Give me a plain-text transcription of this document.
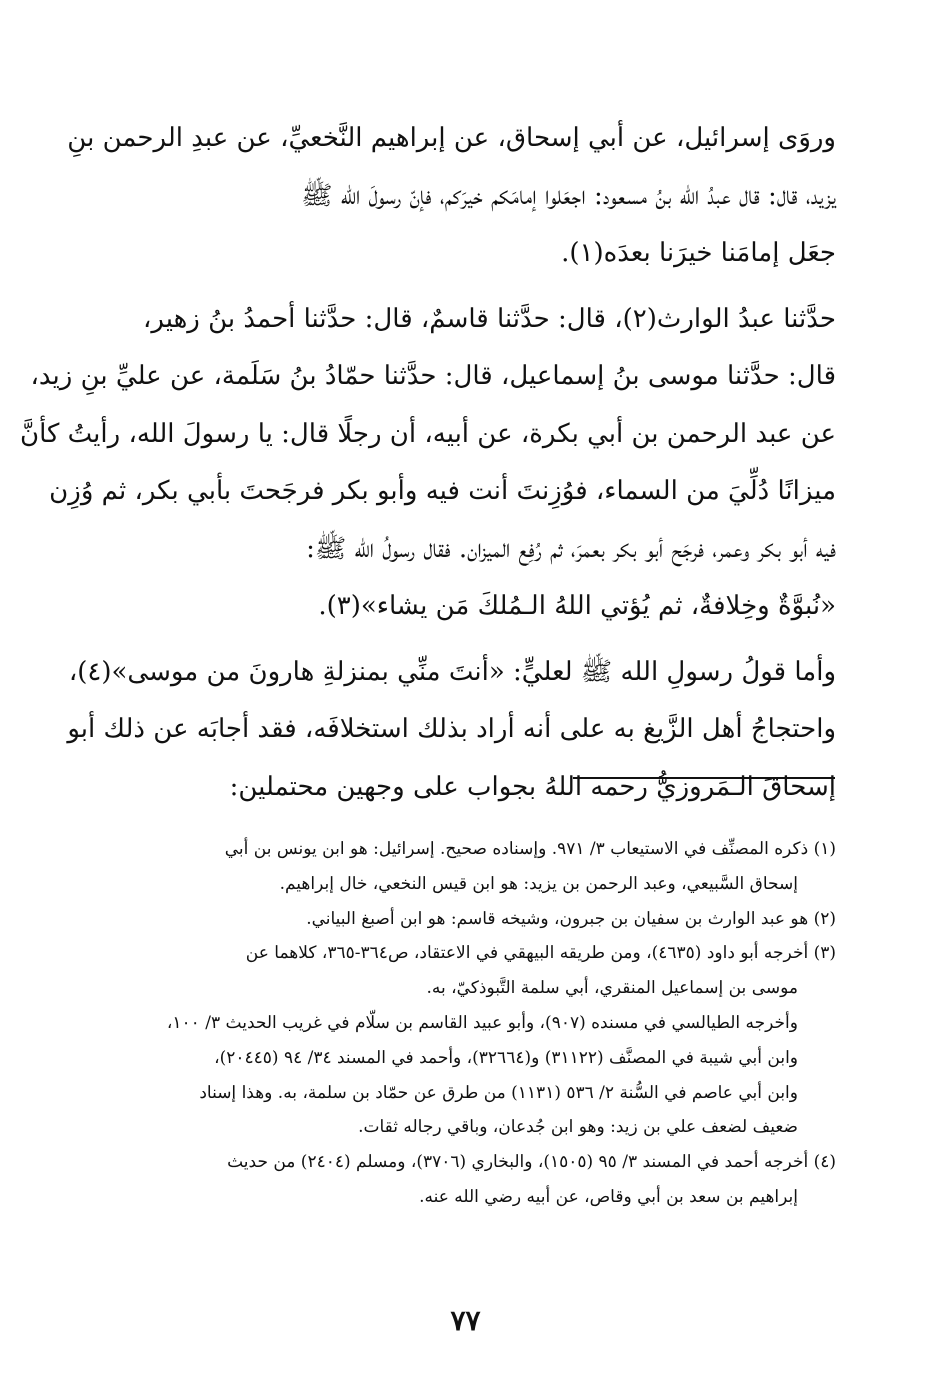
وروَى إسرائيل، عن أبي إسحاق، عن إبراهيم النَّخعيِّ، عن عبدِ الرحمن بنِ
يزيد، قال: قال عبدُ الله بنُ مسعود: اجعَلوا إمامَكم خيرَكم، فإنّ رسولَ الله ﷺ
جعَل إمامَنا خيرَنا بعدَه(١).

حدَّثنا عبدُ الوارث(٢)، قال: حدَّثنا قاسمٌ، قال: حدَّثنا أحمدُ بنُ زهير،
قال: حدَّثنا موسى بنُ إسماعيل، قال: حدَّثنا حمّادُ بنُ سَلَمة، عن عليِّ بنِ زيد،
عن عبد الرحمن بن أبي بكرة، عن أبيه، أن رجلًا قال: يا رسولَ الله، رأيتُ كأنَّ
ميزانًا دُلِّيَ من السماء، فوُزِنتَ أنت فيه وأبو بكر فرجَحتَ بأبي بكر، ثم وُزِن
فيه أبو بكر وعمر، فرجَح أبو بكر بعمرَ، ثم رُفِع الميزان. فقال رسولُ الله ﷺ:
«نُبوَّةٌ وخِلافةٌ، ثم يُؤتي اللهُ الـمُلكَ مَن يشاء»(٣).

وأما قولُ رسولِ الله ﷺ لعليٍّ: «أنتَ منِّي بمنزلةِ هارونَ من موسى»(٤)،
واحتجاجُ أهل الزَّيغ به على أنه أراد بذلك استخلافَه، فقد أجابَه عن ذلك أبو
إسحاقَ الـمَروزيُّ رحمه اللهُ بجواب على وجهين محتملين:

(١) ذكره المصنِّف في الاستيعاب ٣/ ٩٧١. وإسناده صحيح. إسرائيل: هو ابن يونس بن أبي
إسحاق السَّبيعي، وعبد الرحمن بن يزيد: هو ابن قيس النخعي، خال إبراهيم.
(٢) هو عبد الوارث بن سفيان بن جبرون، وشيخه قاسم: هو ابن أصبغ البياني.
(٣) أخرجه أبو داود (٤٦٣٥)، ومن طريقه البيهقي في الاعتقاد، ص٣٦٤-٣٦٥، كلاهما عن
موسى بن إسماعيل المنقري، أبي سلمة التَّبوذكيّ، به.
وأخرجه الطيالسي في مسنده (٩٠٧)، وأبو عبيد القاسم بن سلّام في غريب الحديث ٣/ ١٠٠،
وابن أبي شيبة في المصنَّف (٣١١٢٢) و(٣٢٦٦٤)، وأحمد في المسند ٣٤/ ٩٤ (٢٠٤٤٥)،
وابن أبي عاصم في السُّنة ٢/ ٥٣٦ (١١٣١) من طرق عن حمّاد بن سلمة، به. وهذا إسناد
ضعيف لضعف علي بن زيد: وهو ابن جُدعان، وباقي رجاله ثقات.
(٤) أخرجه أحمد في المسند ٣/ ٩٥ (١٥٠٥)، والبخاري (٣٧٠٦)، ومسلم (٢٤٠٤) من حديث
إبراهيم بن سعد بن أبي وقاص، عن أبيه رضي الله عنه.
٧٧
